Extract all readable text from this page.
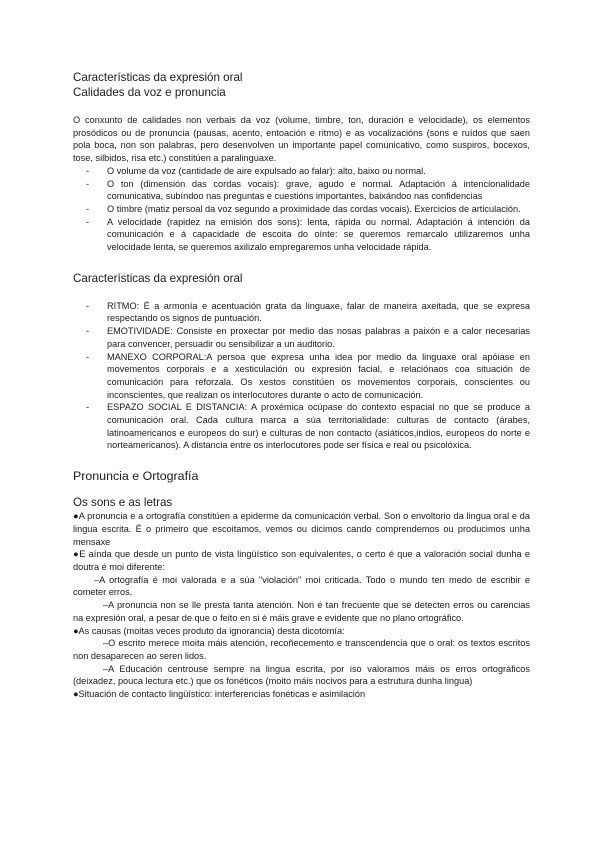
Características da expresión oral
Calidades da voz e pronuncia

O conxunto de calidades non verbais da voz (volume, timbre, ton, duración e velocidade), os elementos prosódicos ou de pronuncia (pausas, acento, entoación e ritmo) e as vocalizacións (sons e ruídos que saen pola boca, non son palabras, pero desenvolven un importante papel comunicativo, como suspiros, bocexos, tose, silbidos, risa etc.) constitúen a paralinguaxe.

- O volume da voz (cantidade de aire expulsado ao falar): alto, baixo ou normal.
- O ton (dimensión das cordas vocais): grave, agudo e normal. Adaptación á intencionalidade comunicativa, subíndoo nas preguntas e cuestións importantes, baixándoo nas confidencias
- O timbre (matiz persoal da voz segundo a proximidade das cordas vocais). Exercicios de articulación.
- A velocidade (rapidez na emisión dos sons): lenta, rápida ou normal. Adaptación á intención da comunicación e á capacidade de escoita do oínte: se queremos remarcalo utilizaremos unha velocidade lenta, se queremos axilizalo empregaremos unha velocidade rápida.
Características da expresión oral
- RITMO: É a armonía e acentuación grata da linguaxe, falar de maneira axeitada, que se expresa respectando os signos de puntuación.
- EMOTIVIDADE: Consiste en proxectar por medio das nosas palabras a paixón e a calor necesarias para convencer, persuadir ou sensibilizar a un auditorio.
- MANEXO CORPORAL:A persoa que expresa unha idea por medio da linguaxe oral apóiase en movementos corporais e a xesticulación ou expresión facial, e relaciónaos coa situación de comunicación para reforzala. Os xestos constitúen os movementos corporais, conscientes ou inconscientes, que realizan os interlocutores durante o acto de comunicación.
- ESPAZO SOCIAL E DISTANCIA: A proxémica ocúpase do contexto espacial no que se produce a comunicación oral. Cada cultura marca a súa territorialidade: culturas de contacto (árabes, latinoamericanos e europeos do sur) e culturas de non contacto (asiáticos,indios, europeos do norte e norteamericanos). A distancia entre os interlocutores pode ser física e real ou psicolóxica.
Pronuncia e Ortografía
Os sons e as letras

●A pronuncia e a ortografía constitúen a epiderme da comunicación verbal. Son o envoltorio da lingua oral e da lingua escrita. É o primeiro que escoitamos, vemos ou dicimos cando comprendemos ou producimos unha mensaxe

●E aínda que desde un punto de vista lingüístico son equivalentes, o certo é que a valoración social dunha e doutra é moi diferente:

–A ortografía é moi valorada e a súa "violación" moi criticada. Todo o mundo ten medo de escribir e cometer erros.

–A pronuncia non se lle presta tanta atención. Non é tan frecuente que se detecten erros ou carencias na expresión oral, a pesar de que o feito en si é máis grave e evidente que no plano ortográfico.

●As causas (moitas veces produto da ignorancia) desta dicotomía:

–O escrito merece moita máis atención, recoñecemento e transcendencia que o oral: os textos escritos non desaparecen ao seren lidos.

–A Educación centrouse sempre na lingua escrita, por iso valoramos máis os erros ortográficos (deixadez, pouca lectura etc.) que os fonéticos (moito máis nocivos para a estrutura dunha lingua)

●Situación de contacto lingüístico: interferencias fonéticas e asimilación
